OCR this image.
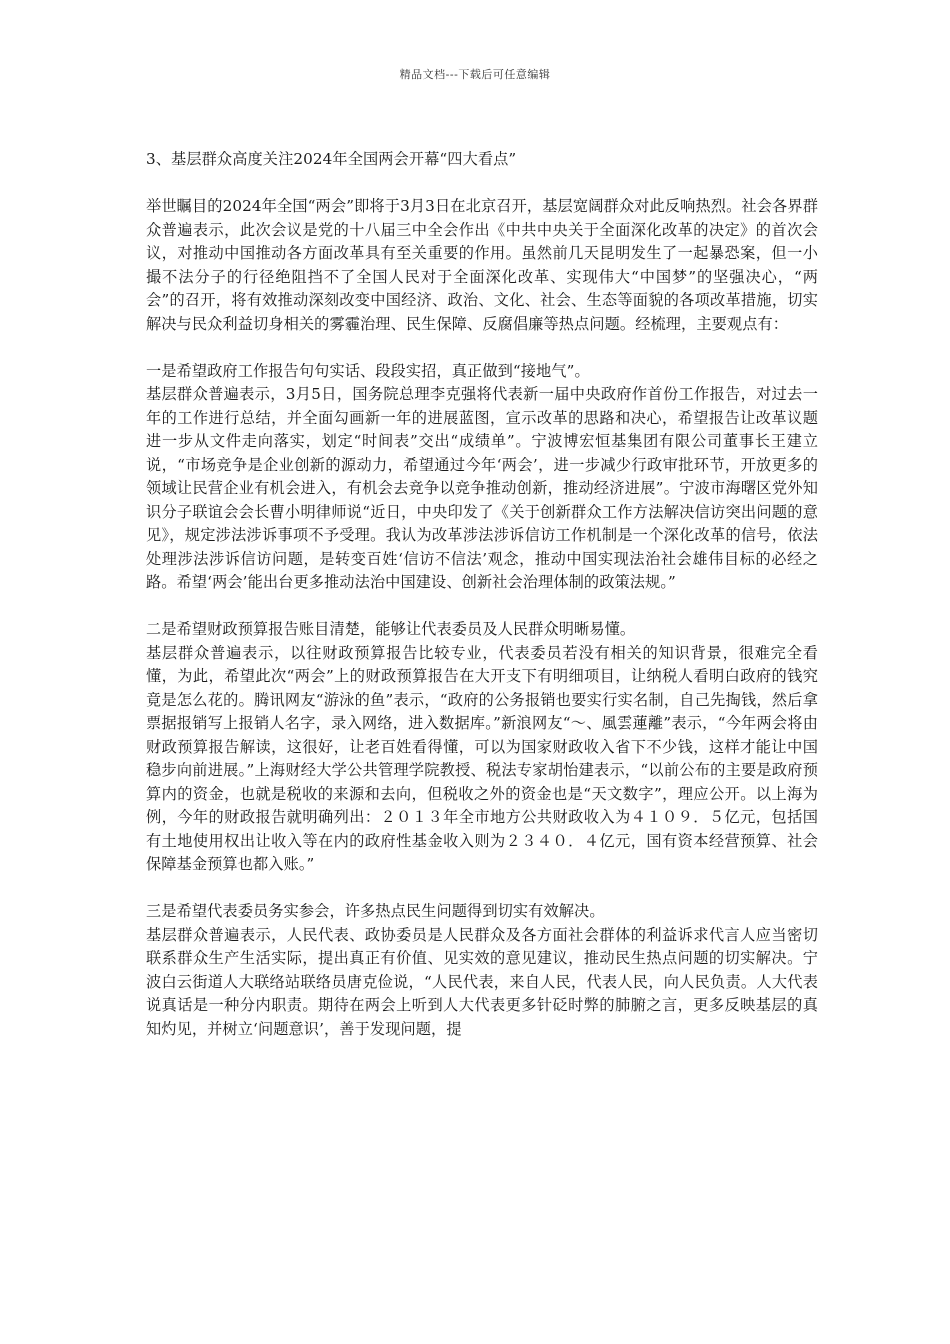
精品文档---下载后可任意编辑

3、基层群众高度关注2024年全国两会开幕“四大看点”

举世瞩目的2024年全国“两会”即将于3月3日在北京召开，基层宽阔群众对此反响热烈。社会各界群众普遍表示，此次会议是党的十八届三中全会作出《中共中央关于全面深化改革的决定》的首次会议，对推动中国推动各方面改革具有至关重要的作用。虽然前几天昆明发生了一起暴恐案，但一小撮不法分子的行径绝阻挡不了全国人民对于全面深化改革、实现伟大“中国梦”的坚强决心，“两会”的召开，将有效推动深刻改变中国经济、政治、文化、社会、生态等面貌的各项改革措施，切实解决与民众利益切身相关的雾霾治理、民生保障、反腐倡廉等热点问题。经梳理，主要观点有：

一是希望政府工作报告句句实话、段段实招，真正做到“接地气”。

基层群众普遍表示，3月5日，国务院总理李克强将代表新一届中央政府作首份工作报告，对过去一年的工作进行总结，并全面勾画新一年的进展蓝图，宣示改革的思路和决心，希望报告让改革议题进一步从文件走向落实，划定“时间表”交出“成绩单”。宁波博宏恒基集团有限公司董事长王建立说，“市场竞争是企业创新的源动力，希望通过今年‘两会’，进一步减少行政审批环节，开放更多的领域让民营企业有机会进入，有机会去竞争以竞争推动创新，推动经济进展”。宁波市海曙区党外知识分子联谊会会长曹小明律师说“近日，中央印发了《关于创新群众工作方法解决信访突出问题的意见》，规定涉法涉诉事项不予受理。我认为改革涉法涉诉信访工作机制是一个深化改革的信号，依法处理涉法涉诉信访问题，是转变百姓‘信访不信法’观念，推动中国实现法治社会雄伟目标的必经之路。希望‘两会’能出台更多推动法治中国建设、创新社会治理体制的政策法规。”

二是希望财政预算报告账目清楚，能够让代表委员及人民群众明晰易懂。

基层群众普遍表示，以往财政预算报告比较专业，代表委员若没有相关的知识背景，很难完全看懂，为此，希望此次“两会”上的财政预算报告在大开支下有明细项目，让纳税人看明白政府的钱究竟是怎么花的。腾讯网友“游泳的鱼”表示，“政府的公务报销也要实行实名制，自己先掏钱，然后拿票据报销写上报销人名字，录入网络，进入数据库。”新浪网友“〜、風雲蓮離”表示，“今年两会将由财政预算报告解读，这很好，让老百姓看得懂，可以为国家财政收入省下不少钱，这样才能让中国稳步向前进展。”上海财经大学公共管理学院教授、税法专家胡怡建表示，“以前公布的主要是政府预算内的资金，也就是税收的来源和去向，但税收之外的资金也是“天文数字”，理应公开。以上海为例，今年的财政报告就明确列出：２０１３年全市地方公共财政收入为４１０９．５亿元，包括国有土地使用权出让收入等在内的政府性基金收入则为２３４０．４亿元，国有资本经营预算、社会保障基金预算也都入账。”

三是希望代表委员务实参会，许多热点民生问题得到切实有效解决。

基层群众普遍表示，人民代表、政协委员是人民群众及各方面社会群体的利益诉求代言人应当密切联系群众生产生活实际，提出真正有价值、见实效的意见建议，推动民生热点问题的切实解决。宁波白云街道人大联络站联络员唐克俭说，“人民代表，来自人民，代表人民，向人民负责。人大代表说真话是一种分内职责。期待在两会上听到人大代表更多针砭时弊的肺腑之言，更多反映基层的真知灼见，并树立‘问题意识’，善于发现问题，提
